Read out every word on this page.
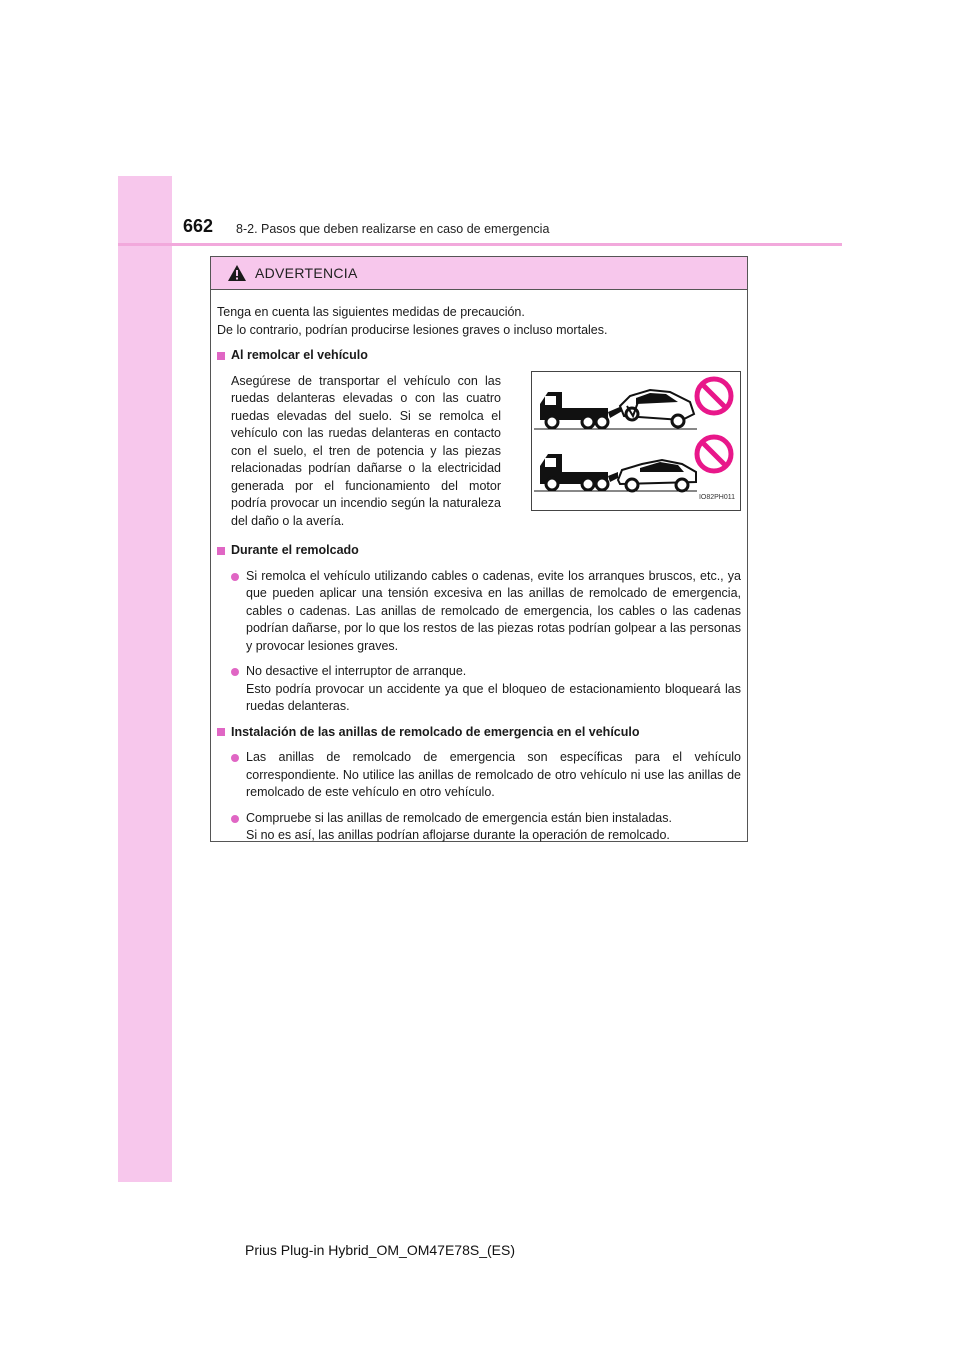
662 8-2. Pasos que deben realizarse en caso de emergencia
ADVERTENCIA

Tenga en cuenta las siguientes medidas de precaución.

De lo contrario, podrían producirse lesiones graves o incluso mortales.

Al remolcar el vehículo
Asegúrese de transportar el vehículo con las ruedas delanteras elevadas o con las cuatro ruedas elevadas del suelo. Si se remolca el vehículo con las ruedas delanteras en contacto con el suelo, el tren de potencia y las piezas relacionadas podrían dañarse o la electricidad generada por el funcionamiento del motor podría provocar un incendio según la naturaleza del daño o la avería.
IO82PH011
Durante el remolcado
Si remolca el vehículo utilizando cables o cadenas, evite los arranques bruscos, etc., ya que pueden aplicar una tensión excesiva en las anillas de remolcado de emergencia, cables o cadenas. Las anillas de remolcado de emergencia, los cables o las cadenas podrían dañarse, por lo que los restos de las piezas rotas podrían golpear a las personas y provocar lesiones graves.

No desactive el interruptor de arranque.

Esto podría provocar un accidente ya que el bloqueo de estacionamiento bloqueará las ruedas delanteras.

Instalación de las anillas de remolcado de emergencia en el vehículo
Las anillas de remolcado de emergencia son específicas para el vehículo correspondiente. No utilice las anillas de remolcado de otro vehículo ni use las anillas de remolcado de este vehículo en otro vehículo.

Compruebe si las anillas de remolcado de emergencia están bien instaladas.

Si no es así, las anillas podrían aflojarse durante la operación de remolcado.

Prius Plug-in Hybrid_OM_OM47E78S_(ES)
